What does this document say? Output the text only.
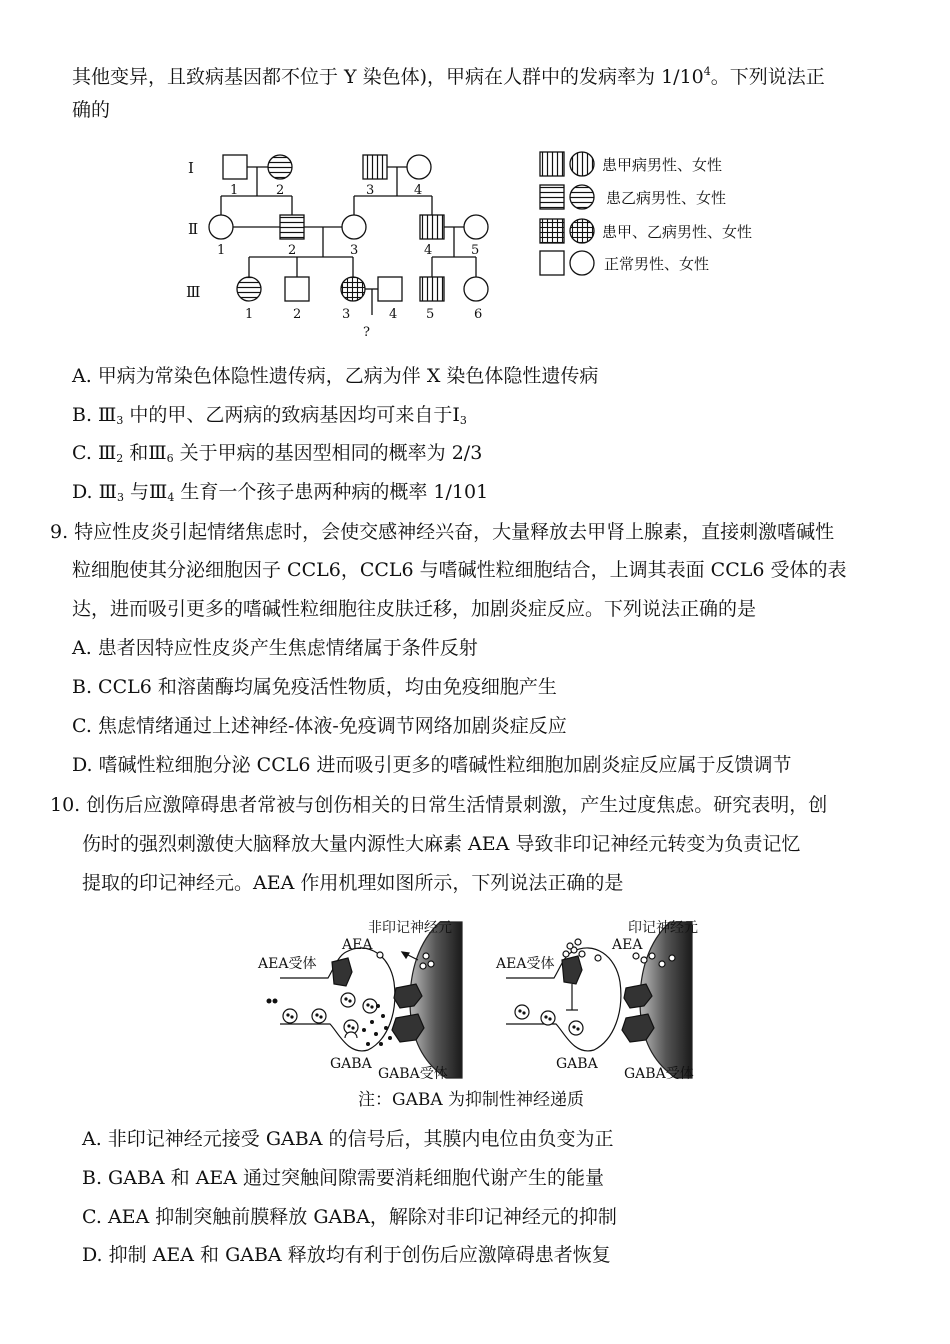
其他变异，且致病基因都不位于 Y 染色体)，甲病在人群中的发病率为 $1/10^4$。下列说法正
确的
Ⅰ
Ⅱ
Ⅲ
1	2	3	4
1	2	3	4	5
1	2	3	4 5	6
?
患甲病男性、女性
患乙病男性、女性
患甲、乙病男性、女性
正常男性、女性
A. 甲病为常染色体隐性遗传病，乙病为伴 X 染色体隐性遗传病
B. $Ⅲ_3$ 中的甲、乙两病的致病基因均可来自于$Ⅰ_3$
C. $Ⅲ_2$ 和$Ⅲ_6$ 关于甲病的基因型相同的概率为 2/3
D. $Ⅲ_3$ 与$Ⅲ_4$ 生育一个孩子患两种病的概率 1/101
9. 特应性皮炎引起情绪焦虑时，会使交感神经兴奋，大量释放去甲肾上腺素，直接刺激嗜碱性
粒细胞使其分泌细胞因子 CCL6，CCL6 与嗜碱性粒细胞结合，上调其表面 CCL6 受体的表
达，进而吸引更多的嗜碱性粒细胞往皮肤迁移，加剧炎症反应。下列说法正确的是
A. 患者因特应性皮炎产生焦虑情绪属于条件反射
B. CCL6 和溶菌酶均属免疫活性物质，均由免疫细胞产生
C. 焦虑情绪通过上述神经-体液-免疫调节网络加剧炎症反应
D. 嗜碱性粒细胞分泌 CCL6 进而吸引更多的嗜碱性粒细胞加剧炎症反应属于反馈调节
10. 创伤后应激障碍患者常被与创伤相关的日常生活情景刺激，产生过度焦虑。研究表明，创
伤时的强烈刺激使大脑释放大量内源性大麻素 AEA 导致非印记神经元转变为负责记忆
提取的印记神经元。AEA 作用机理如图所示，下列说法正确的是
非印记神经元
AEA
AEA受体
GABA
GABA受体
印记神经元
AEA
AEA受体
GABA
GABA受体
注：GABA 为抑制性神经递质
A. 非印记神经元接受 GABA 的信号后，其膜内电位由负变为正
B. GABA 和 AEA 通过突触间隙需要消耗细胞代谢产生的能量
C. AEA 抑制突触前膜释放 GABA，解除对非印记神经元的抑制
D. 抑制 AEA 和 GABA 释放均有利于创伤后应激障碍患者恢复
